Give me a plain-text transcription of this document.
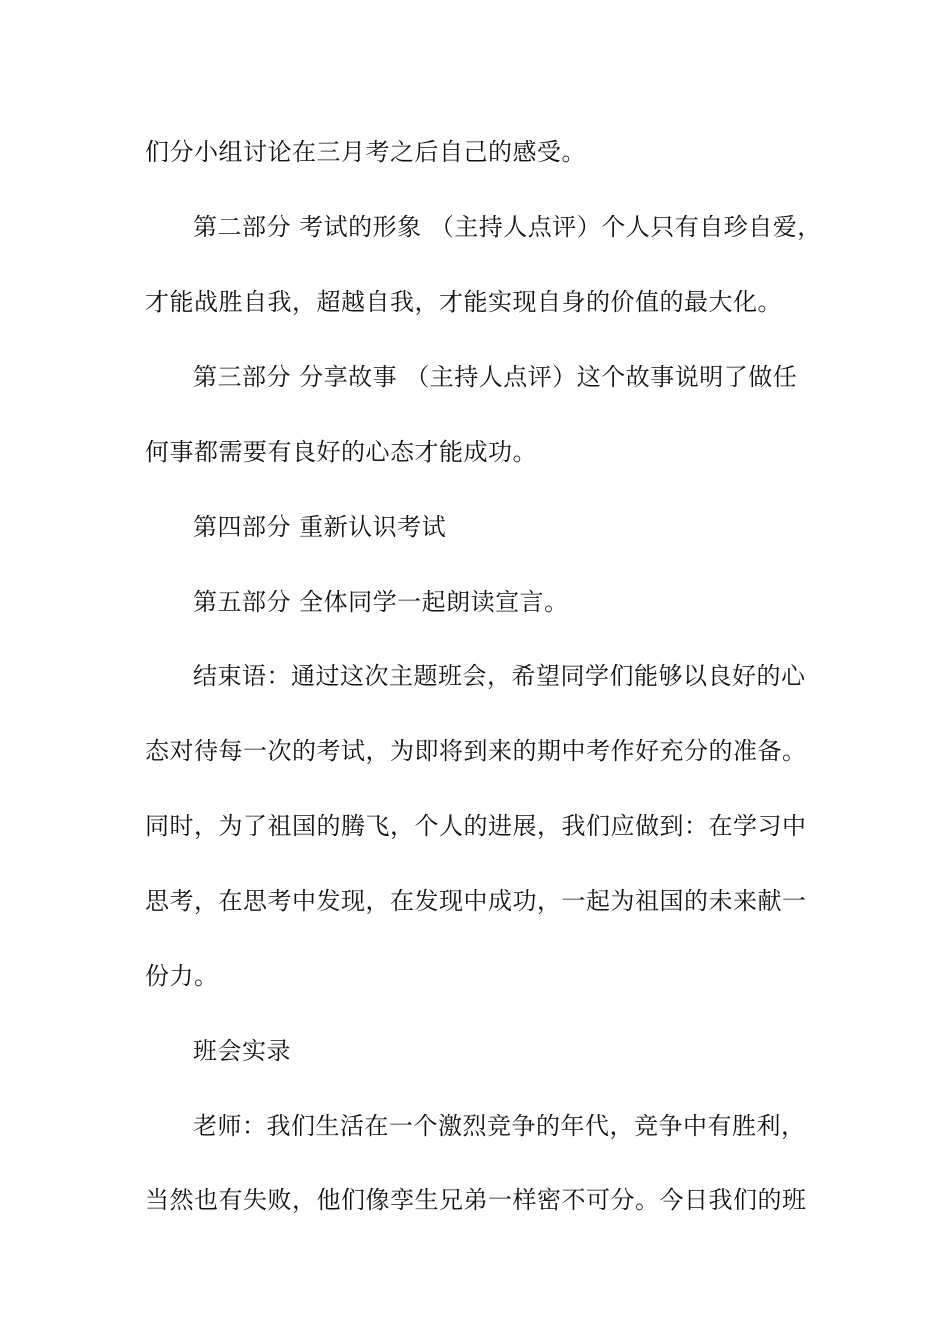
们分小组讨论在三月考之后自己的感受。

第二部分 考试的形象 （主持人点评）个人只有自珍自爱，

才能战胜自我，超越自我，才能实现自身的价值的最大化。

第三部分 分享故事 （主持人点评）这个故事说明了做任

何事都需要有良好的心态才能成功。

第四部分 重新认识考试

第五部分 全体同学一起朗读宣言。

结束语：通过这次主题班会，希望同学们能够以良好的心

态对待每一次的考试，为即将到来的期中考作好充分的准备。

同时，为了祖国的腾飞，个人的进展，我们应做到：在学习中

思考，在思考中发现，在发现中成功，一起为祖国的未来献一

份力。

班会实录

老师：我们生活在一个激烈竞争的年代，竞争中有胜利，

当然也有失败，他们像孪生兄弟一样密不可分。今日我们的班
